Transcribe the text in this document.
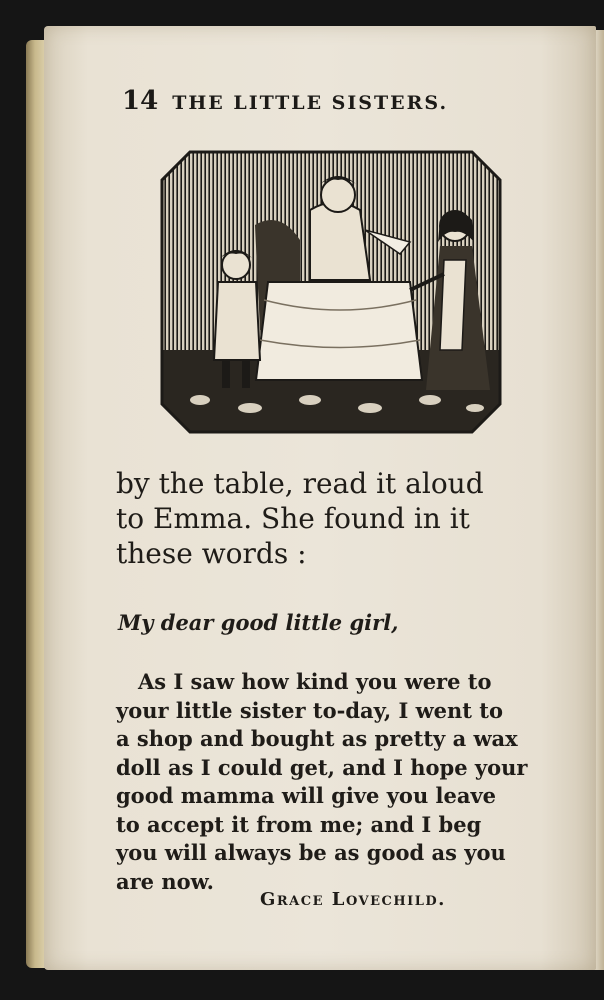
14 THE LITTLE SISTERS.
by the table, read it aloud
to Emma. She found in it
these words :
My dear good little girl,
As I saw how kind you were to
your little sister to-day, I went to
a shop and bought as pretty a wax
doll as I could get, and I hope your
good mamma will give you leave
to accept it from me; and I beg
you will always be as good as you
are now.
Grace Lovechild.
